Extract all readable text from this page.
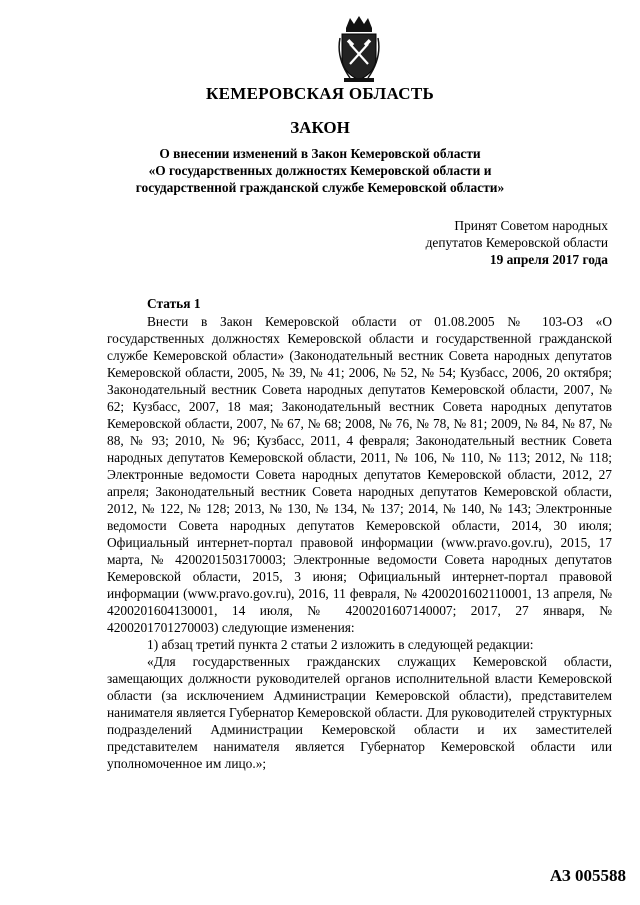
КЕМЕРОВСКАЯ ОБЛАСТЬ
ЗАКОН
О внесении изменений в Закон Кемеровской области
«О государственных должностях Кемеровской области и
государственной гражданской службе Кемеровской области»
Принят Советом народных
депутатов Кемеровской области
19 апреля 2017 года
Статья 1

Внести в Закон Кемеровской области от 01.08.2005 № 103-ОЗ «О государственных должностях Кемеровской области и государственной гражданской службе Кемеровской области» (Законодательный вестник Совета народных депутатов Кемеровской области, 2005, № 39, № 41; 2006, № 52, № 54; Кузбасс, 2006, 20 октября; Законодательный вестник Совета народных депутатов Кемеровской области, 2007, № 62; Кузбасс, 2007, 18 мая; Законодательный вестник Совета народных депутатов Кемеровской области, 2007, № 67, № 68; 2008, № 76, № 78, № 81; 2009, № 84, № 87, № 88, № 93; 2010, № 96; Кузбасс, 2011, 4 февраля; Законодательный вестник Совета народных депутатов Кемеровской области, 2011, № 106, № 110, № 113; 2012, № 118; Электронные ведомости Совета народных депутатов Кемеровской области, 2012, 27 апреля; Законодательный вестник Совета народных депутатов Кемеровской области, 2012, № 122, № 128; 2013, № 130, № 134, № 137; 2014, № 140, № 143; Электронные ведомости Совета народных депутатов Кемеровской области, 2014, 30 июля; Официальный интернет-портал правовой информации (www.pravo.gov.ru), 2015, 17 марта, № 4200201503170003; Электронные ведомости Совета народных депутатов Кемеровской области, 2015, 3 июня; Официальный интернет-портал правовой информации (www.pravo.gov.ru), 2016, 11 февраля, № 4200201602110001, 13 апреля, № 4200201604130001, 14 июля, № 4200201607140007; 2017, 27 января, № 4200201701270003) следующие изменения:

1) абзац третий пункта 2 статьи 2 изложить в следующей редакции:

«Для государственных гражданских служащих Кемеровской области, замещающих должности руководителей органов исполнительной власти Кемеровской области (за исключением Администрации Кемеровской области), представителем нанимателя является Губернатор Кемеровской области. Для руководителей структурных подразделений Администрации Кемеровской области и их заместителей представителем нанимателя является Губернатор Кемеровской области или уполномоченное им лицо.»;

АЗ 005588
